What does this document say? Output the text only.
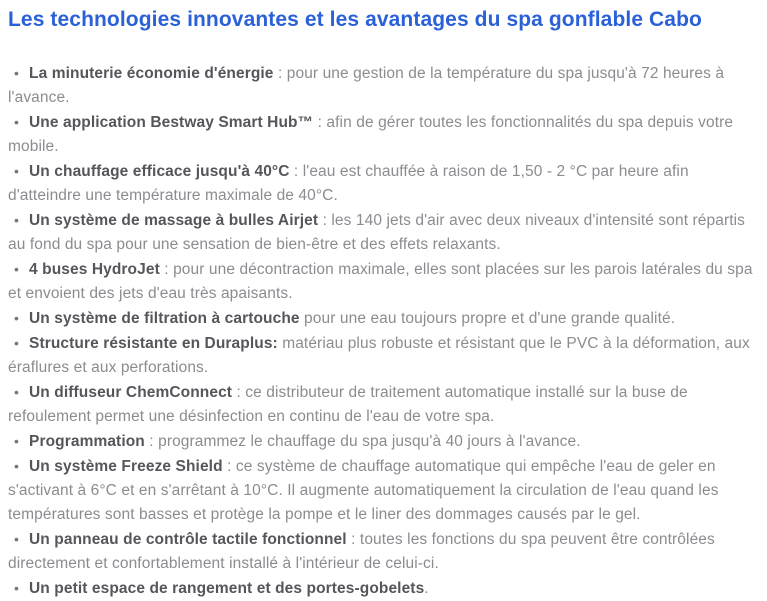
Les technologies innovantes et les avantages du spa gonflable Cabo

• La minuterie économie d'énergie : pour une gestion de la température du spa jusqu'à 72 heures à l'avance.

• Une application Bestway Smart Hub™ : afin de gérer toutes les fonctionnalités du spa depuis votre mobile.

• Un chauffage efficace jusqu'à 40°C : l'eau est chauffée à raison de 1,50 - 2 °C par heure afin d'atteindre une température maximale de 40°C.

• Un système de massage à bulles Airjet : les 140 jets d'air avec deux niveaux d'intensité sont répartis au fond du spa pour une sensation de bien-être et des effets relaxants.

• 4 buses HydroJet : pour une décontraction maximale, elles sont placées sur les parois latérales du spa et envoient des jets d'eau très apaisants.

• Un système de filtration à cartouche pour une eau toujours propre et d'une grande qualité.

• Structure résistante en Duraplus: matériau plus robuste et résistant que le PVC à la déformation, aux éraflures et aux perforations.

• Un diffuseur ChemConnect : ce distributeur de traitement automatique installé sur la buse de refoulement permet une désinfection en continu de l'eau de votre spa.

• Programmation : programmez le chauffage du spa jusqu'à 40 jours à l'avance.

• Un système Freeze Shield : ce système de chauffage automatique qui empêche l'eau de geler en s'activant à 6°C et en s'arrêtant à 10°C. Il augmente automatiquement la circulation de l'eau quand les températures sont basses et protège la pompe et le liner des dommages causés par le gel.

• Un panneau de contrôle tactile fonctionnel : toutes les fonctions du spa peuvent être contrôlées directement et confortablement installé à l'intérieur de celui-ci.

• Un petit espace de rangement et des portes-gobelets.
